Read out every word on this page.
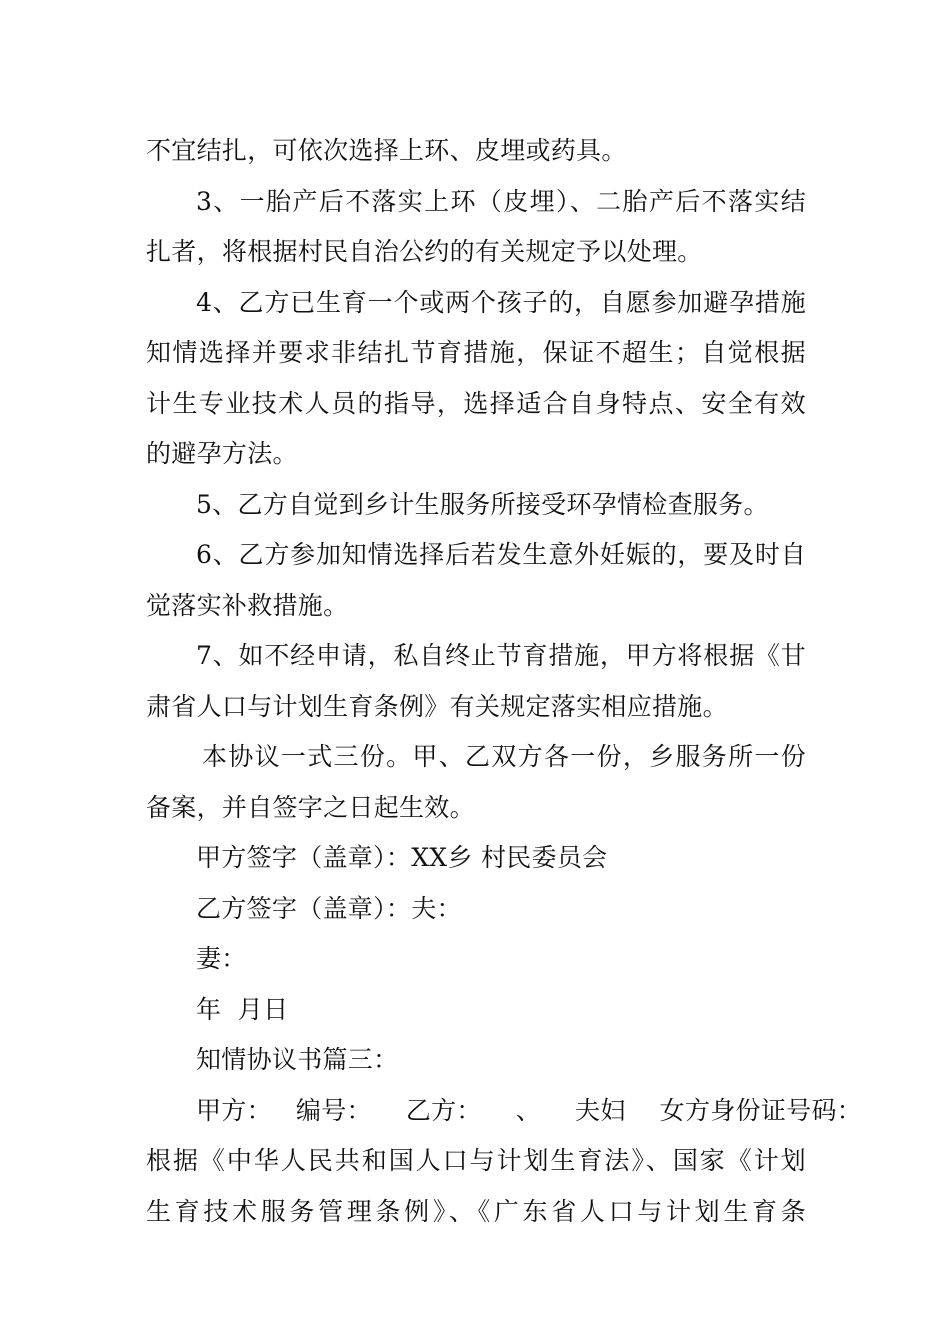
不宜结扎，可依次选择上环、皮埋或药具。
3、一胎产后不落实上环（皮埋）、二胎产后不落实结
扎者，将根据村民自治公约的有关规定予以处理。
4、乙方已生育一个或两个孩子的，自愿参加避孕措施
知情选择并要求非结扎节育措施，保证不超生；自觉根据
计生专业技术人员的指导，选择适合自身特点、安全有效
的避孕方法。
5、乙方自觉到乡计生服务所接受环孕情检查服务。
6、乙方参加知情选择后若发生意外妊娠的，要及时自
觉落实补救措施。
7、如不经申请，私自终止节育措施，甲方将根据《甘
肃省人口与计划生育条例》有关规定落实相应措施。
本协议一式三份。甲、乙双方各一份，乡服务所一份
备案，并自签字之日起生效。
甲方签字（盖章）：XX乡 村民委员会
乙方签字（盖章）：夫：
妻：
年  月日
知情协议书篇三：
甲方： 编号： 乙方： 、 夫妇 女方身份证号码：
根据《中华人民共和国人口与计划生育法》、国家《计划
生育技术服务管理条例》、《广东省人口与计划生育条
